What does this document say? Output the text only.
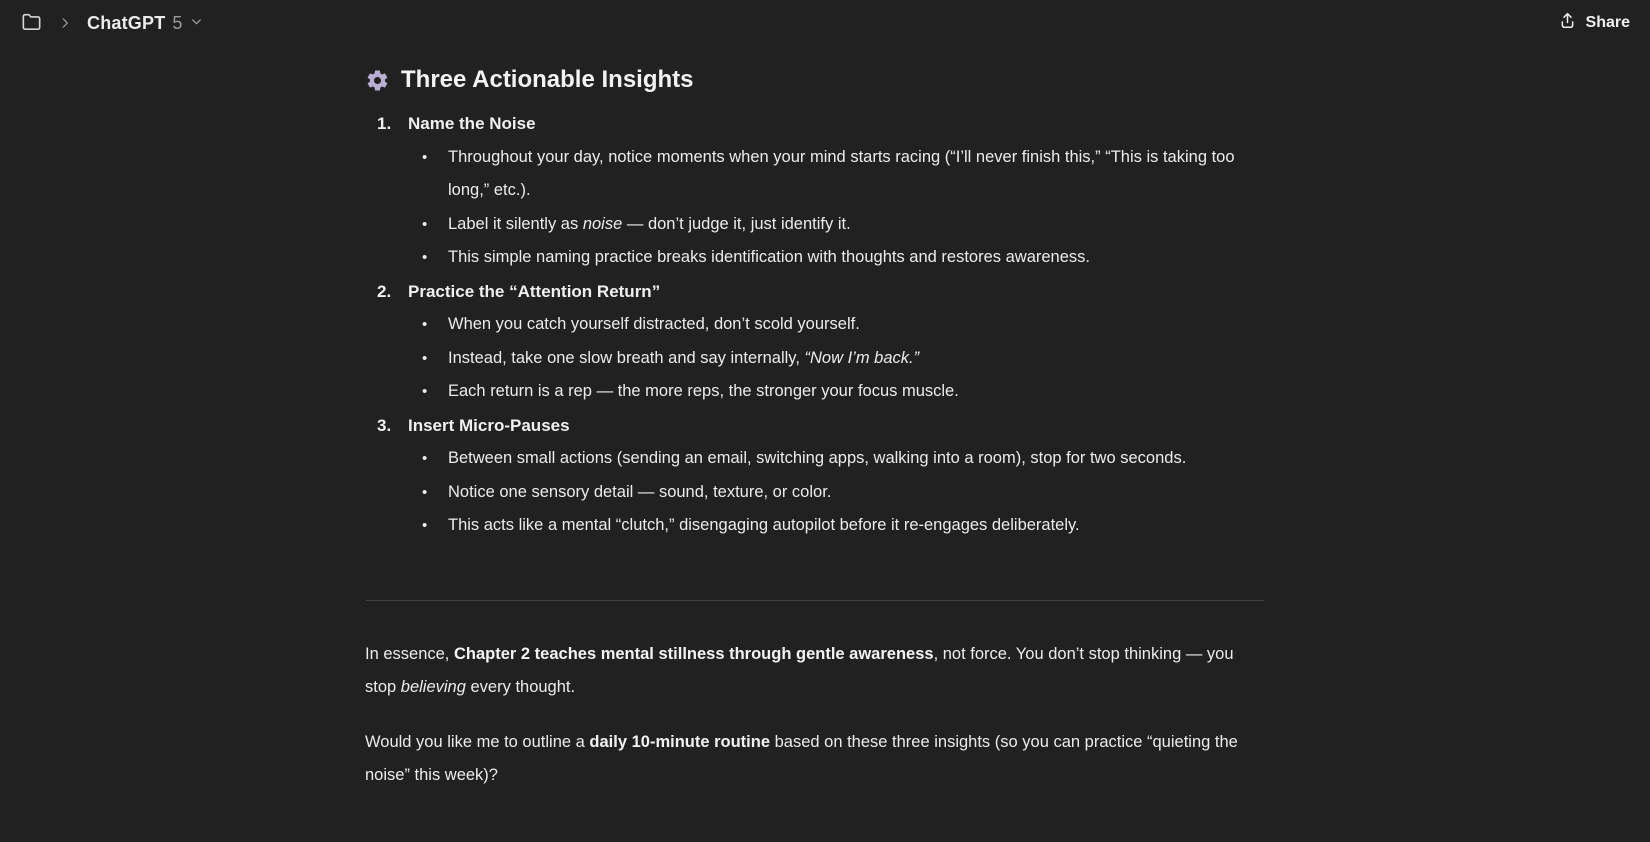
ChatGPT 5	Share
Three Actionable Insights
1. Name the Noise
•	Throughout your day, notice moments when your mind starts racing (“I’ll never finish this,” “This is taking too long,” etc.).
•	Label it silently as noise — don’t judge it, just identify it.
•	This simple naming practice breaks identification with thoughts and restores awareness.
2. Practice the “Attention Return”
•	When you catch yourself distracted, don’t scold yourself.
•	Instead, take one slow breath and say internally, “Now I’m back.”
•	Each return is a rep — the more reps, the stronger your focus muscle.
3. Insert Micro-Pauses
•	Between small actions (sending an email, switching apps, walking into a room), stop for two seconds.
•	Notice one sensory detail — sound, texture, or color.
•	This acts like a mental “clutch,” disengaging autopilot before it re-engages deliberately.

In essence, Chapter 2 teaches mental stillness through gentle awareness, not force. You don’t stop thinking — you stop believing every thought.

Would you like me to outline a daily 10-minute routine based on these three insights (so you can practice “quieting the noise” this week)?
